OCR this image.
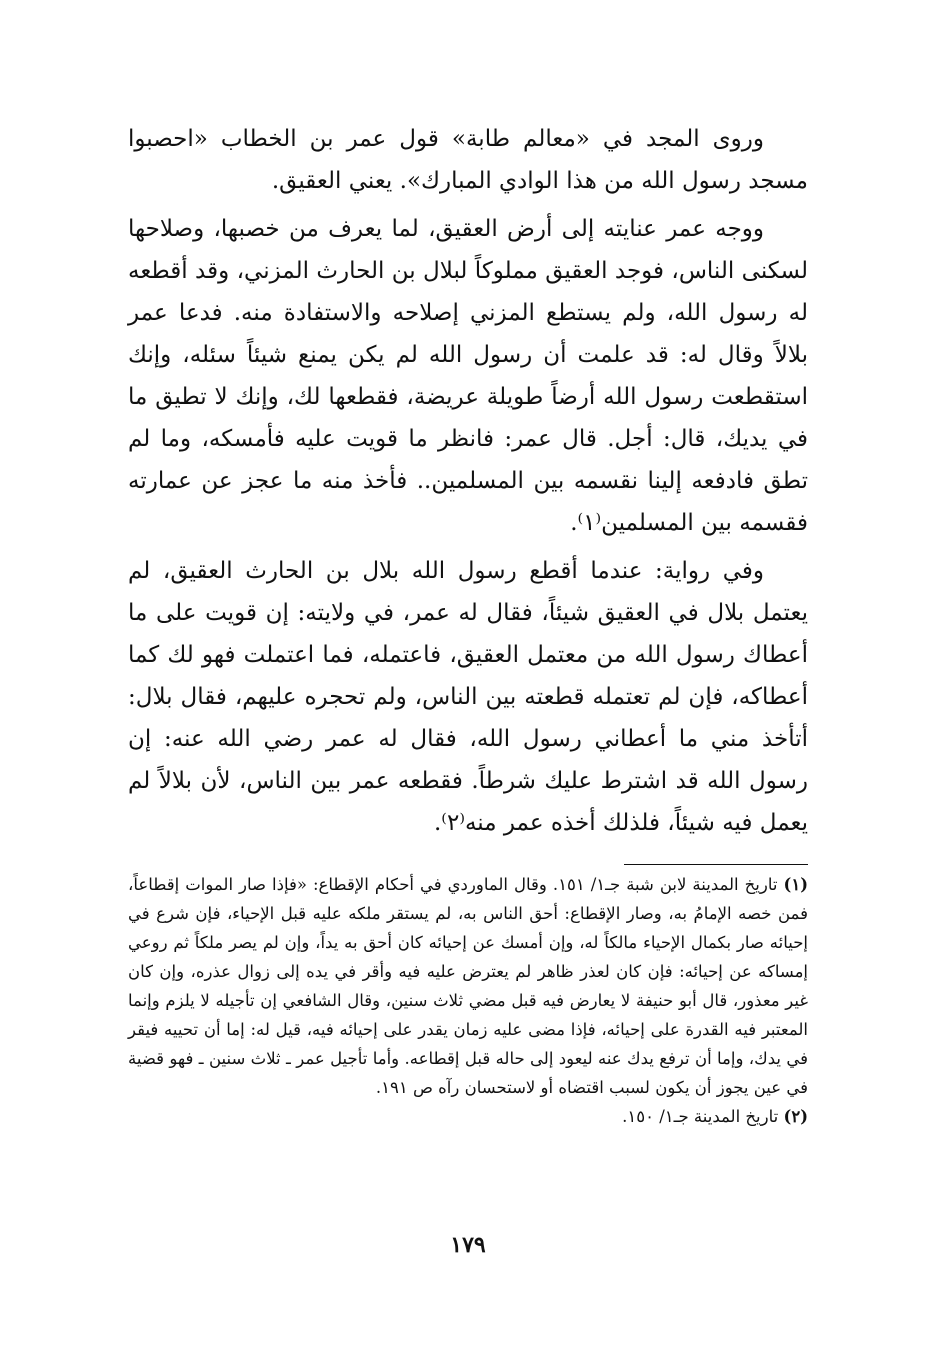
وروى المجد في «معالم طابة» قول عمر بن الخطاب «احصبوا مسجد رسول الله من هذا الوادي المبارك». يعني العقيق.

ووجه عمر عنايته إلى أرض العقيق، لما يعرف من خصبها، وصلاحها لسكنى الناس، فوجد العقيق مملوكاً لبلال بن الحارث المزني، وقد أقطعه له رسول الله، ولم يستطع المزني إصلاحه والاستفادة منه. فدعا عمر بلالاً وقال له: قد علمت أن رسول الله لم يكن يمنع شيئاً سئله، وإنك استقطعت رسول الله أرضاً طويلة عريضة، فقطعها لك، وإنك لا تطيق ما في يديك، قال: أجل. قال عمر: فانظر ما قويت عليه فأمسكه، وما لم تطق فادفعه إلينا نقسمه بين المسلمين.. فأخذ منه ما عجز عن عمارته فقسمه بين المسلمين⁽١⁾.

وفي رواية: عندما أقطع رسول الله بلال بن الحارث العقيق، لم يعتمل بلال في العقيق شيئاً، فقال له عمر، في ولايته: إن قويت على ما أعطاك رسول الله من معتمل العقيق، فاعتمله، فما اعتملت فهو لك كما أعطاكه، فإن لم تعتمله قطعته بين الناس، ولم تحجره عليهم، فقال بلال: أتأخذ مني ما أعطاني رسول الله، فقال له عمر رضي الله عنه: إن رسول الله قد اشترط عليك شرطاً. فقطعه عمر بين الناس، لأن بلالاً لم يعمل فيه شيئاً، فلذلك أخذه عمر منه⁽٢⁾.

(١) تاريخ المدينة لابن شبة جـ١/ ١٥١. وقال الماوردي في أحكام الإقطاع: «فإذا صار الموات إقطاعاً، فمن خصه الإمامُ به، وصار الإقطاع: أحق الناس به، لم يستقر ملكه عليه قبل الإحياء، فإن شرع في إحيائه صار بكمال الإحياء مالكاً له، وإن أمسك عن إحيائه كان أحق به يداً، وإن لم يصر ملكاً ثم روعي إمساكه عن إحيائه: فإن كان لعذر ظاهر لم يعترض عليه فيه وأقر في يده إلى زوال عذره، وإن كان غير معذور، قال أبو حنيفة لا يعارض فيه قبل مضي ثلاث سنين، وقال الشافعي إن تأجيله لا يلزم وإنما المعتبر فيه القدرة على إحيائه، فإذا مضى عليه زمان يقدر على إحيائه فيه، قيل له: إما أن تحييه فيقر في يدك، وإما أن ترفع يدك عنه ليعود إلى حاله قبل إقطاعه. وأما تأجيل عمر ـ ثلاث سنين ـ فهو قضية في عين يجوز أن يكون لسبب اقتضاه أو لاستحسان رآه ص ١٩١.

(٢) تاريخ المدينة جـ١/ ١٥٠.

١٧٩
